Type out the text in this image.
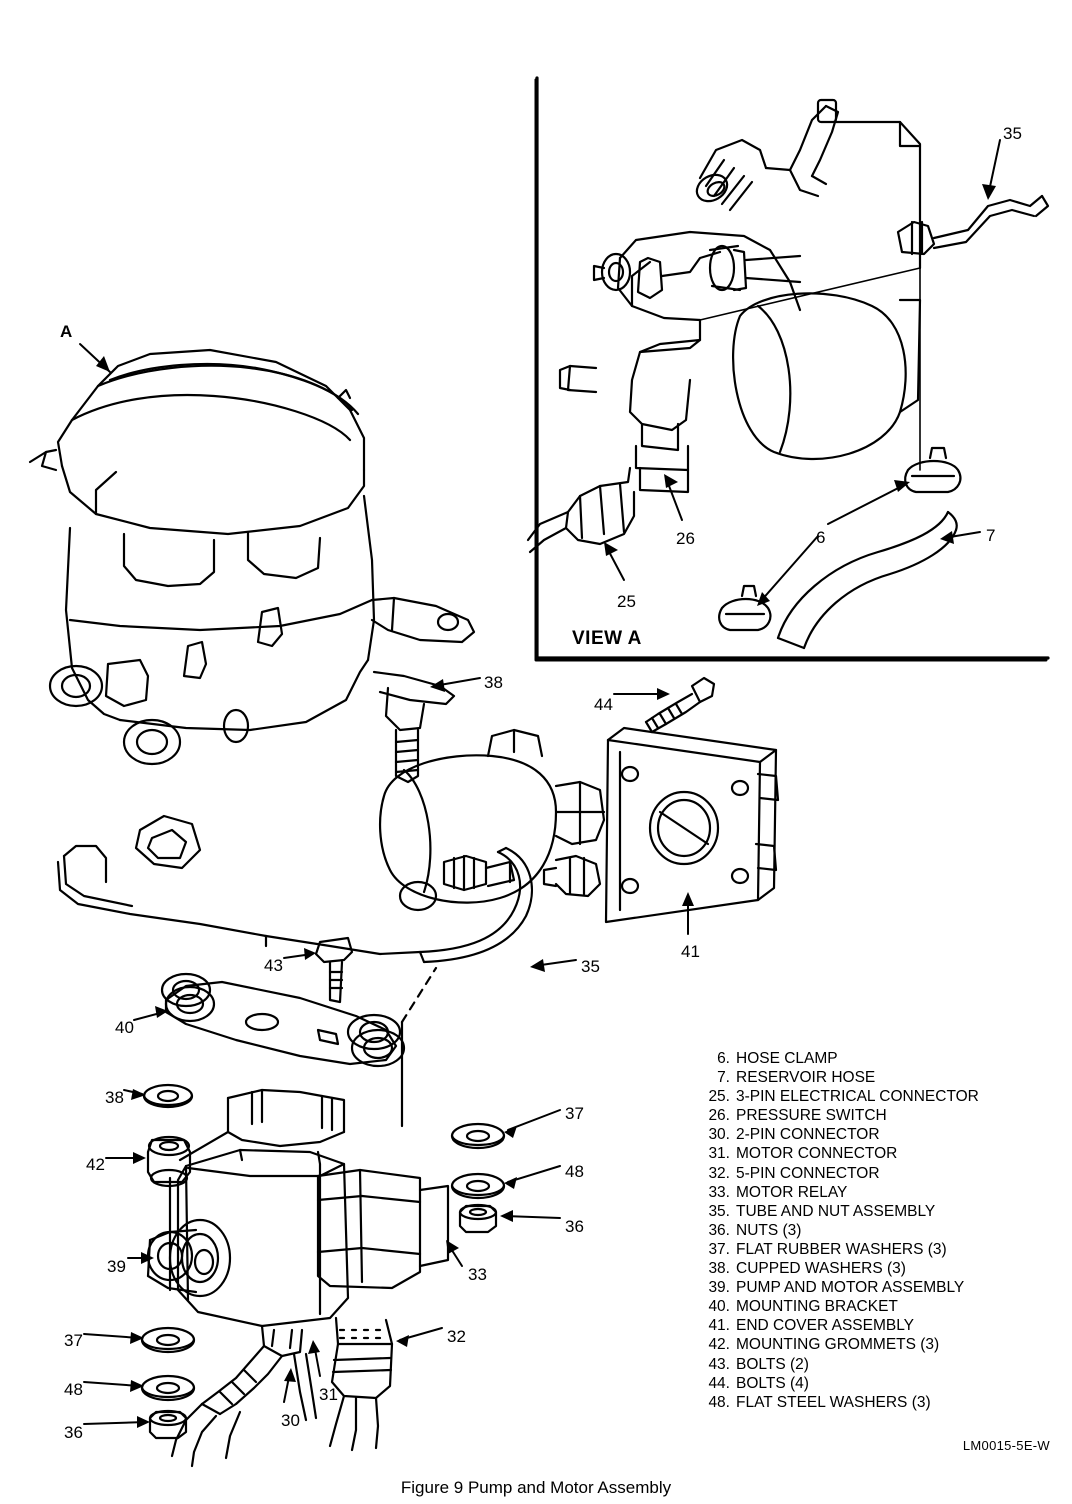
A
VIEW A
35
26
25
6	7
38
44
41
43	35
40
38
37
42	48
36
39	33
32
31
37
30
48
36
6. HOSE CLAMP
7. RESERVOIR HOSE
25. 3-PIN ELECTRICAL CONNECTOR
26. PRESSURE SWITCH
30. 2-PIN CONNECTOR
31. MOTOR CONNECTOR
32. 5-PIN CONNECTOR
33. MOTOR RELAY
35. TUBE AND NUT ASSEMBLY
36. NUTS (3)
37. FLAT RUBBER WASHERS (3)
38. CUPPED WASHERS (3)
39. PUMP AND MOTOR ASSEMBLY
40. MOUNTING BRACKET
41. END COVER ASSEMBLY
42. MOUNTING GROMMETS (3)
43. BOLTS (2)
44. BOLTS (4)
48. FLAT STEEL WASHERS (3)
LM0015-5E-W
Figure 9 Pump and Motor Assembly
